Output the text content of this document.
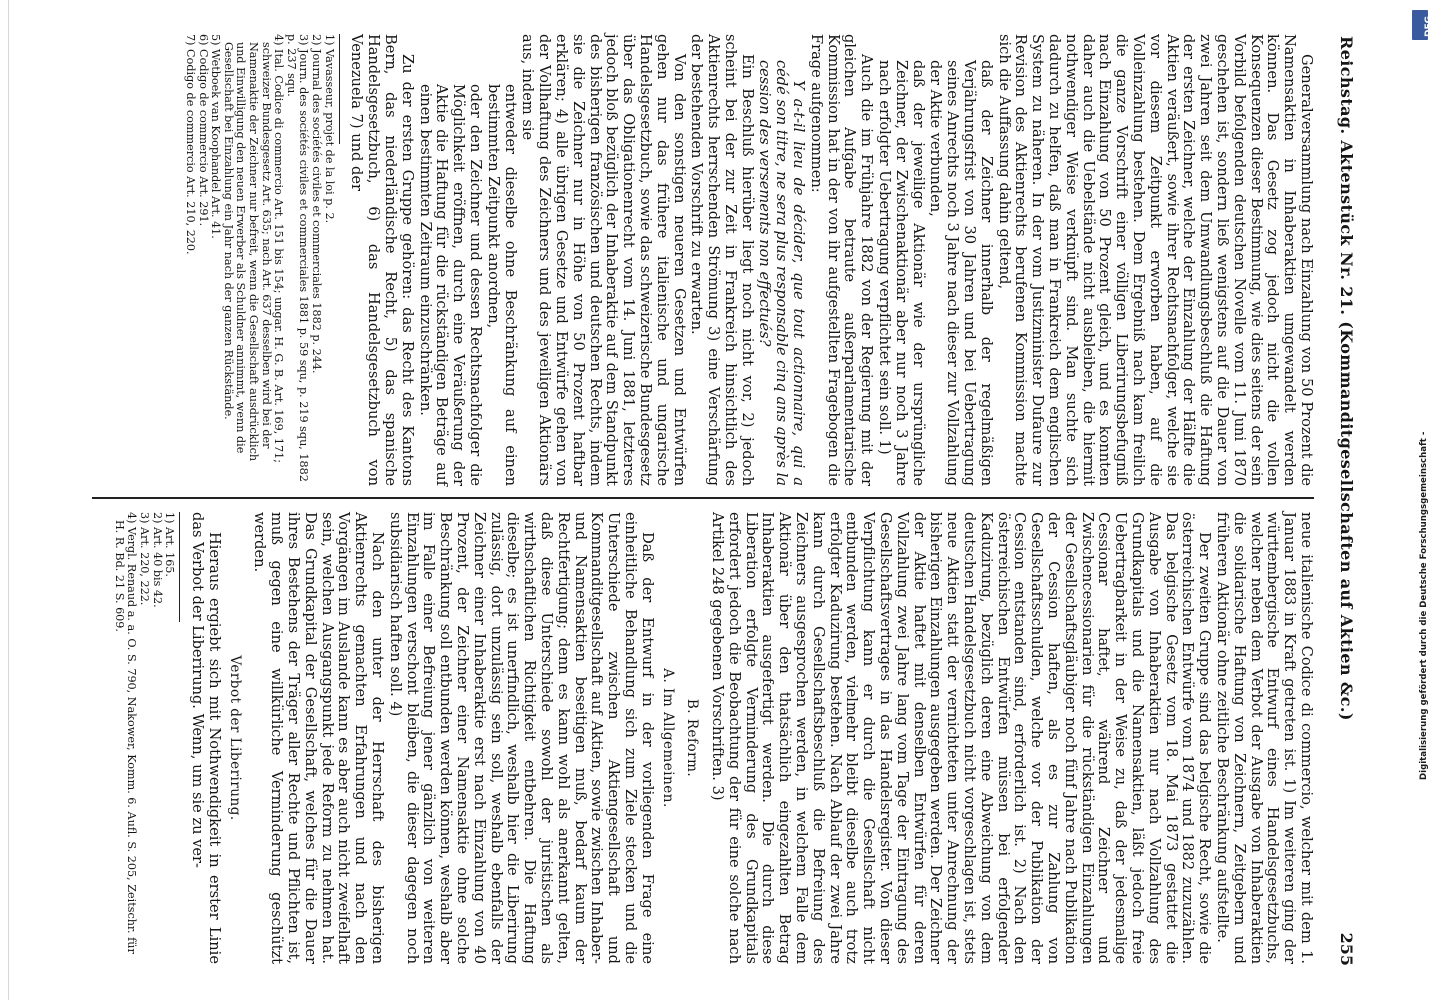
Reichstag. Aktenstück Nr. 21. (Kommanditgesellschaften auf Aktien &c.)
255

Generalversammlung nach Einzahlung von 50 Prozent die Namensaktien in Inhaberaktien umgewandelt werden können. Das Gesetz zog jedoch nicht die vollen Konsequenzen dieser Bestimmung, wie dies seitens der sein Vorbild befolgenden deutschen Novelle vom 11. Juni 1870 geschehen ist, sondern ließ wenigstens auf die Dauer von zwei Jahren seit dem Umwandlungsbeschluß die Haftung der ersten Zeichner, welche der Einzahlung der Hälfte die Aktien veräußert, sowie ihrer Rechtsnachfolger, welche sie vor diesem Zeitpunkt erworben haben, auf die Volleinzahlung bestehen. Dem Ergebniß nach kam freilich die ganze Vorschrift einer völligen Liberirungsbefugniß nach Einzahlung von 50 Prozent gleich, und es konnten daher auch die Uebelstände nicht ausbleiben, die hiermit nothwendiger Weise verknüpft sind. Man suchte sich dadurch zu helfen, daß man in Frankreich dem englischen System zu näheren. In der vom Justizminister Dufaure zur Revision des Aktienrechts berufenen Kommission machte sich die Auffassung dahin geltend,

daß der Zeichner innerhalb der regelmäßigen Verjährungsfrist von 30 Jahren und bei Uebertragung seines Anrechts noch 3 Jahre nach dieser zur Vollzahlung der Aktie verbunden,

daß der jeweilige Aktionär wie der ursprüngliche Zeichner, der Zwischenaktionär aber nur noch 3 Jahre nach erfolgter Uebertragung verpflichtet sein soll. 1)

Auch die im Frühjahre 1882 von der Regierung mit der gleichen Aufgabe betraute außerparlamentarische Kommission hat in der von ihr aufgestellten Fragebogen die Frage aufgenommen:

Y a-t-il lieu de décider, que tout actionnaire, qui a cédé son titre, ne sera plus responsable cinq ans après la cession des versements non effectués?

Ein Beschluß hierüber liegt noch nicht vor, 2) jedoch scheint bei der zur Zeit in Frankreich hinsichtlich des Aktienrechts herrschenden Strömung 3) eine Verschärfung der bestehenden Vorschrift zu erwarten.

Von den sonstigen neueren Gesetzen und Entwürfen gehen nur das frühere italienische und ungarische Handelsgesetzbuch, sowie das schweizerische Bundesgesetz über das Obligationenrecht vom 14. Juni 1881, letzteres jedoch bloß bezüglich der Inhaberaktie auf dem Standpunkt des bisherigen französischen und deutschen Rechts, indem sie die Zeichner nur in Höhe von 50 Prozent haftbar erklären; 4) alle übrigen Gesetze und Entwürfe gehen von der Vollhaftung des Zeichners und des jeweiligen Aktionärs aus, indem sie

entweder dieselbe ohne Beschränkung auf einen bestimmten Zeitpunkt anordnen,

oder den Zeichner und dessen Rechtsnachfolger die Möglichkeit eröffnen, durch eine Veräußerung der Aktie die Haftung für die rückständigen Beträge auf einen bestimmten Zeitraum einzuschränken.

Zu der ersten Gruppe gehören: das Recht des Kantons Bern, das niederländische Recht, 5) das spanische Handelsgesetzbuch, 6) das Handelsgesetzbuch von Venezuela 7) und der

1) Vavasseur, projet de la loi p. 2.
2) Journal des sociétés civiles et commerciales 1882 p. 244.
3) Journ. des sociétés civiles et commerciales 1881 p. 59 squ, p. 219 squ, 1882 p. 237 squ.
4) Ital. Codice di commercio Art. 151 bis 154; ungar. H. G. B. Art. 169, 171; schweizer Bundesgesetz Art. 635; nach Art. 637 desselben wird bei der Namenaktie der Zeichner nur befreit, wenn die Gesellschaft ausdrücklich und Einwilligung den neuen Erwerber als Schuldner annimmt, wenn die Gesellschaft bei Einzahlung ein Jahr nach der ganzen Rückstände.
5) Wetboek van Koophandel Art. 41.
6) Codigo de commercio Art. 291.
7) Codigo de commercio Art. 210, 220.

neue italienische Codice di commercio, welcher mit dem 1. Januar 1883 in Kraft getreten ist. 1) Im weiteren ging der württembergische Entwurf eines Handelsgesetzbuchs, welcher neben dem Verbot der Ausgabe von Inhaberaktien die solidarische Haftung von Zeichnern, Zeitgebern und früheren Aktionär ohne zeitliche Beschränkung aufstellte.

Der zweiten Gruppe sind das belgische Recht, sowie die österreichischen Entwürfe vom 1874 und 1882 zuzuzählen. Das belgische Gesetz vom 18. Mai 1873 gestattet die Ausgabe von Inhaberaktien nur nach Vollzahlung des Grundkapitals und die Namensaktien, läßt jedoch freie Uebertragbarkeit in der Weise zu, daß der jedesmalige Cessionar haftet, während Zeichner und Zwischencessionarien für die rückständigen Einzahlungen der Gesellschaftsgläubiger noch fünf Jahre nach Publikation der Cession haften, als es zur Zahlung von Gesellschaftsschulden, welche vor der Publikation der Cession entstanden sind, erforderlich ist. 2) Nach den österreichischen Entwürfen müssen bei erfolgender Kaduzirung, bezüglich deren eine Abweichung von dem deutschen Handelsgesetzbuch nicht vorgeschlagen ist, stets neue Aktien statt der vernichteten unter Anrechnung der bisherigen Einzahlungen ausgegeben werden. Der Zeichner der Aktie haftet mit denselben Entwürfen für deren Vollzahlung zwei Jahre lang vom Tage der Eintragung des Gesellschaftsvertrages in das Handelsregister. Von dieser Verpflichtung kann er durch die Gesellschaft nicht entbunden werden, vielmehr bleibt dieselbe auch trotz erfolgter Kaduzirung bestehen. Nach Ablauf der zwei Jahre kann durch Gesellschaftsbeschluß die Befreiung des Zeichners ausgesprochen werden, in welchem Falle dem Aktionär über den thatsächlich eingezahlten Betrag Inhaberaktien ausgefertigt werden. Die durch diese Liberation erfolgte Verminderung des Grundkapitals erfordert jedoch die Beobachtung der für eine solche nach Artikel 248 gegebenen Vorschriften. 3)

B. Reform.
A. Im Allgemeinen.

Daß der Entwurf in der vorliegenden Frage eine einheitliche Behandlung sich zum Ziele stecken und die Unterschiede zwischen Aktiengesellschaft und Kommanditgesellschaft auf Aktien, sowie zwischen Inhaber- und Namensaktien beseitigen muß, bedarf kaum der Rechtfertigung; denn es kann wohl als anerkannt gelten, daß diese Unterschiede sowohl der juristischen als wirthschaftlichen Richtigkeit entbehren. Die Haftung dieselbe; es ist unerfindlich, weshalb hier die Liberirung zulässig, dort unzulässig sein soll, weshalb ebenfalls der Zeichner einer Inhaberaktie erst nach Einzahlung von 40 Prozent, der Zeichner einer Namensaktie ohne solche Beschränkung soll entbunden werden können, weshalb aber im Falle einer Befreiung jener gänzlich von weiteren Einzahlungen verschont bleiben, die dieser dagegen noch subsidiarisch haften soll. 4)

Nach den unter der Herrschaft des bisherigen Aktienrechts gemachten Erfahrungen und nach den Vorgängen im Auslande kann es aber auch nicht zweifelhaft sein, welchen Ausgangspunkt jede Reform zu nehmen hat. Das Grundkapital der Gesellschaft, welches für die Dauer ihres Bestehens der Träger aller Rechte und Pflichten ist, muß gegen eine willkürliche Verminderung geschützt werden.

Verbot der Liberirung.

Hieraus ergiebt sich mit Nothwendigkeit in erster Linie das Verbot der Liberirung. Wenn, um sie zu ver-

1) Art. 165.
2) Art. 40 bis 42.
3) Art. 220, 222.
4) Vergl. Renaud a. a. O. S. 790, Nakower, Komm. 6. Aufl. S. 205, Zeitschr. für H. R. Bd. 21 S. 609.	Digitalisierung gefördert durch die Deutsche Forschungsgemeinschaft -
DFG
